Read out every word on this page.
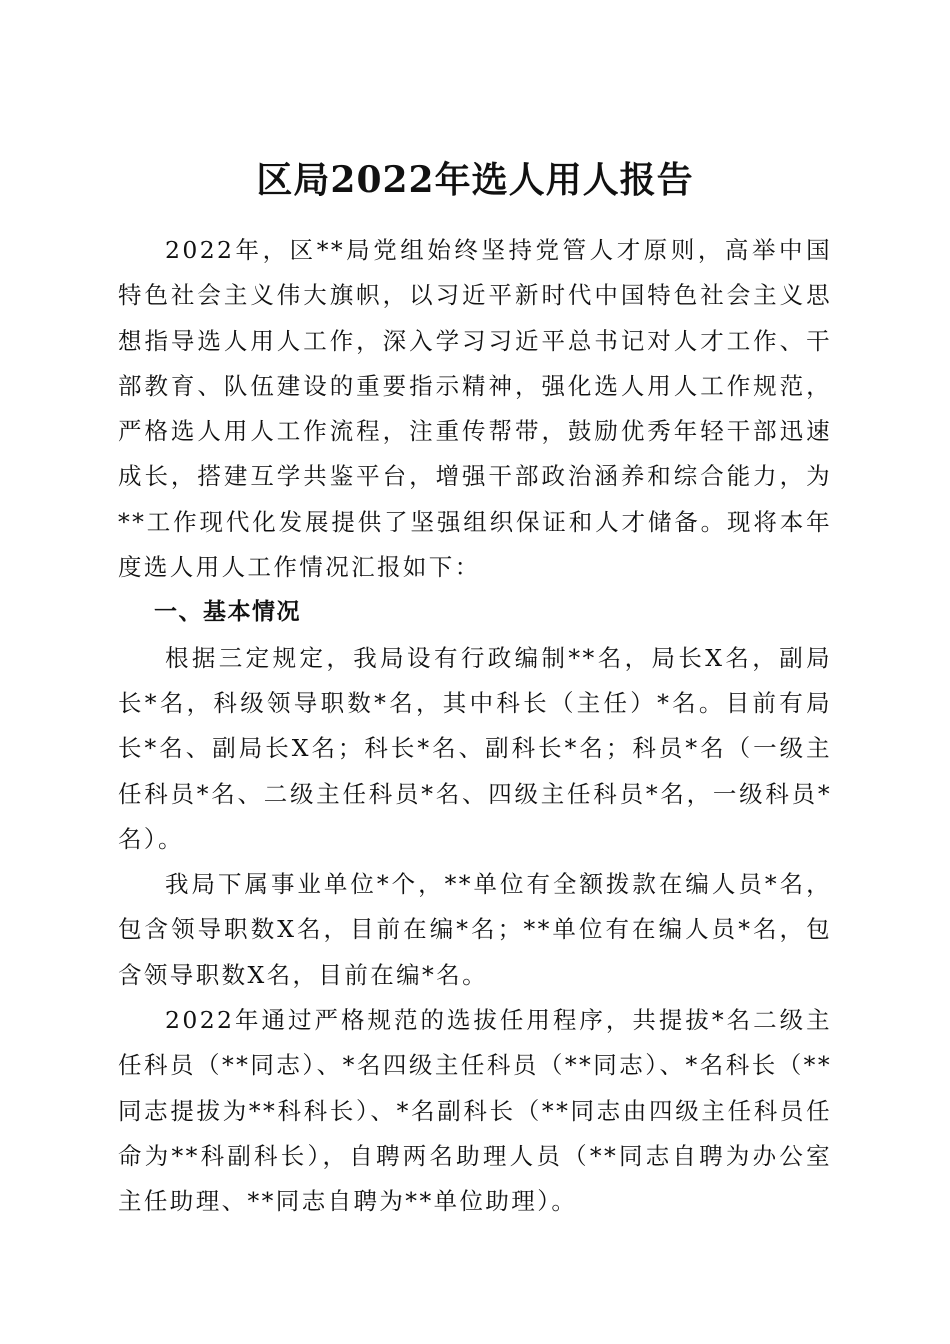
区局2022年选人用人报告

2022年，区**局党组始终坚持党管人才原则，高举中国特色社会主义伟大旗帜，以习近平新时代中国特色社会主义思想指导选人用人工作，深入学习习近平总书记对人才工作、干部教育、队伍建设的重要指示精神，强化选人用人工作规范，严格选人用人工作流程，注重传帮带，鼓励优秀年轻干部迅速成长，搭建互学共鉴平台，增强干部政治涵养和综合能力，为**工作现代化发展提供了坚强组织保证和人才储备。现将本年度选人用人工作情况汇报如下：

一、基本情况

根据三定规定，我局设有行政编制**名，局长X名，副局长*名，科级领导职数*名，其中科长（主任）*名。目前有局长*名、副局长X名；科长*名、副科长*名；科员*名（一级主任科员*名、二级主任科员*名、四级主任科员*名，一级科员*名）。

我局下属事业单位*个，**单位有全额拨款在编人员*名，包含领导职数X名，目前在编*名；**单位有在编人员*名，包含领导职数X名，目前在编*名。

2022年通过严格规范的选拔任用程序，共提拔*名二级主任科员（**同志）、*名四级主任科员（**同志）、*名科长（**同志提拔为**科科长）、*名副科长（**同志由四级主任科员任命为**科副科长），自聘两名助理人员（**同志自聘为办公室主任助理、**同志自聘为**单位助理）。
